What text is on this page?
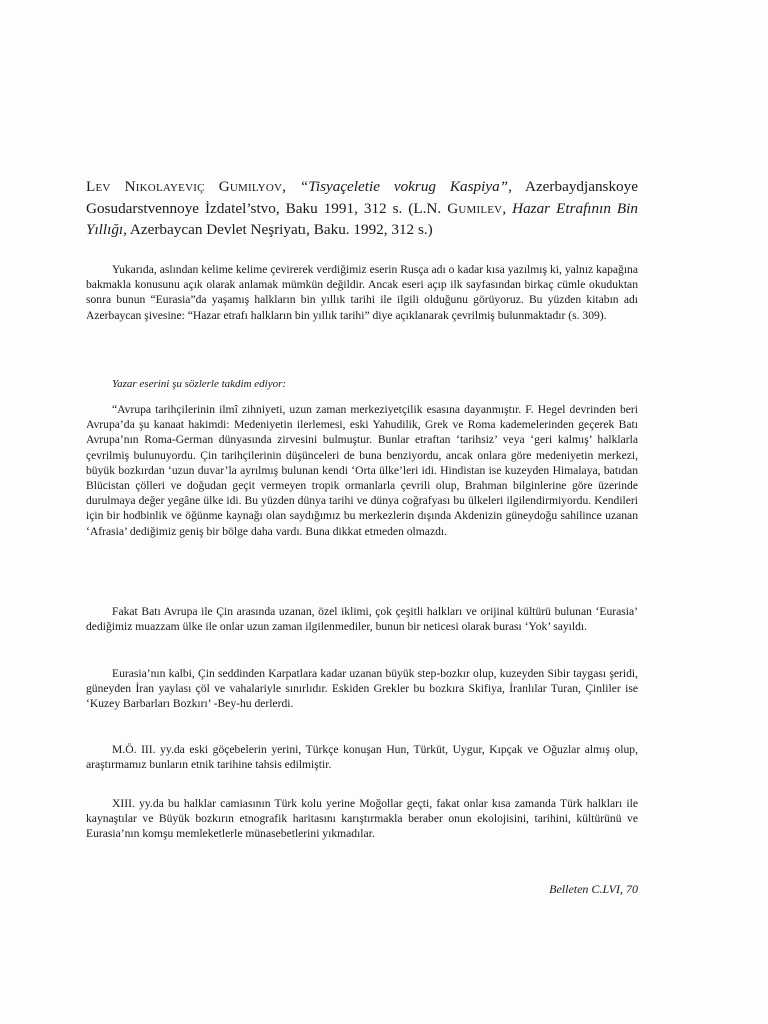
Lev Nikolayeviç Gumilyov, “Tisyaçeletie vokrug Kaspiya”, Azerbaydjanskoye Gosudarstvennoye İzdatel’stvo, Baku 1991, 312 s. (L.N. Gumilev, Hazar Etrafının Bin Yıllığı, Azerbaycan Devlet Neşriyatı, Baku. 1992, 312 s.)

Yukarıda, aslından kelime kelime çevirerek verdiğimiz eserin Rusça adı o kadar kısa yazılmış ki, yalnız kapağına bakmakla konusunu açık olarak anlamak mümkün değildir. Ancak eseri açıp ilk sayfasından birkaç cümle okuduktan sonra bunun “Eurasia”da yaşamış halkların bin yıllık tarihi ile ilgili olduğunu görüyoruz. Bu yüzden kitabın adı Azerbaycan şivesine: “Hazar etrafı halkların bin yıllık tarihi” diye açıklanarak çevrilmiş bulunmaktadır (s. 309).

Yazar eserini şu sözlerle takdim ediyor:

“Avrupa tarihçilerinin ilmî zihniyeti, uzun zaman merkeziyetçilik esasına dayanmıştır. F. Hegel devrinden beri Avrupa’da şu kanaat hakimdi: Medeniyetin ilerlemesi, eski Yahudilik, Grek ve Roma kademelerinden geçerek Batı Avrupa’nın Roma-German dünyasında zirvesini bulmuştur. Bunlar etraftan ‘tarihsiz’ veya ‘geri kalmış’ halklarla çevrilmiş bulunuyordu. Çin tarihçilerinin düşünceleri de buna benziyordu, ancak onlara göre medeniyetin merkezi, büyük bozkırdan ‘uzun duvar’la ayrılmış bulunan kendi ‘Orta ülke’leri idi. Hindistan ise kuzeyden Himalaya, batıdan Blücistan çölleri ve doğudan geçit vermeyen tropik ormanlarla çevrili olup, Brahman bilginlerine göre üzerinde durulmaya değer yegâne ülke idi. Bu yüzden dünya tarihi ve dünya coğrafyası bu ülkeleri ilgilendirmiyordu. Kendileri için bir hodbinlik ve öğünme kaynağı olan saydığımız bu merkezlerin dışında Akdenizin güneydoğu sahilince uzanan ‘Afrasia’ dediğimiz geniş bir bölge daha vardı. Buna dikkat etmeden olmazdı.

Fakat Batı Avrupa ile Çin arasında uzanan, özel iklimi, çok çeşitli halkları ve orijinal kültürü bulunan ‘Eurasia’ dediğimiz muazzam ülke ile onlar uzun zaman ilgilenmediler, bunun bir neticesi olarak burası ‘Yok’ sayıldı.

Eurasia’nın kalbi, Çin seddinden Karpatlara kadar uzanan büyük step-bozkır olup, kuzeyden Sibir taygası şeridi, güneyden İran yaylası çöl ve vahalariyle sınırlıdır. Eskiden Grekler bu bozkıra Skifiya, İranlılar Turan, Çinliler ise ‘Kuzey Barbarları Bozkırı’ -Bey-hu derlerdi.

M.Ö. III. yy.da eski göçebelerin yerini, Türkçe konuşan Hun, Türküt, Uygur, Kıpçak ve Oğuzlar almış olup, araştırmamız bunların etnik tarihine tahsis edilmiştir.

XIII. yy.da bu halklar camiasının Türk kolu yerine Moğollar geçti, fakat onlar kısa zamanda Türk halkları ile kaynaştılar ve Büyük bozkırın etnografik haritasını karıştırmakla beraber onun ekolojisini, tarihini, kültürünü ve Eurasia’nın komşu memleketlerle münasebetlerini yıkmadılar.

Belleten C.LVI, 70
